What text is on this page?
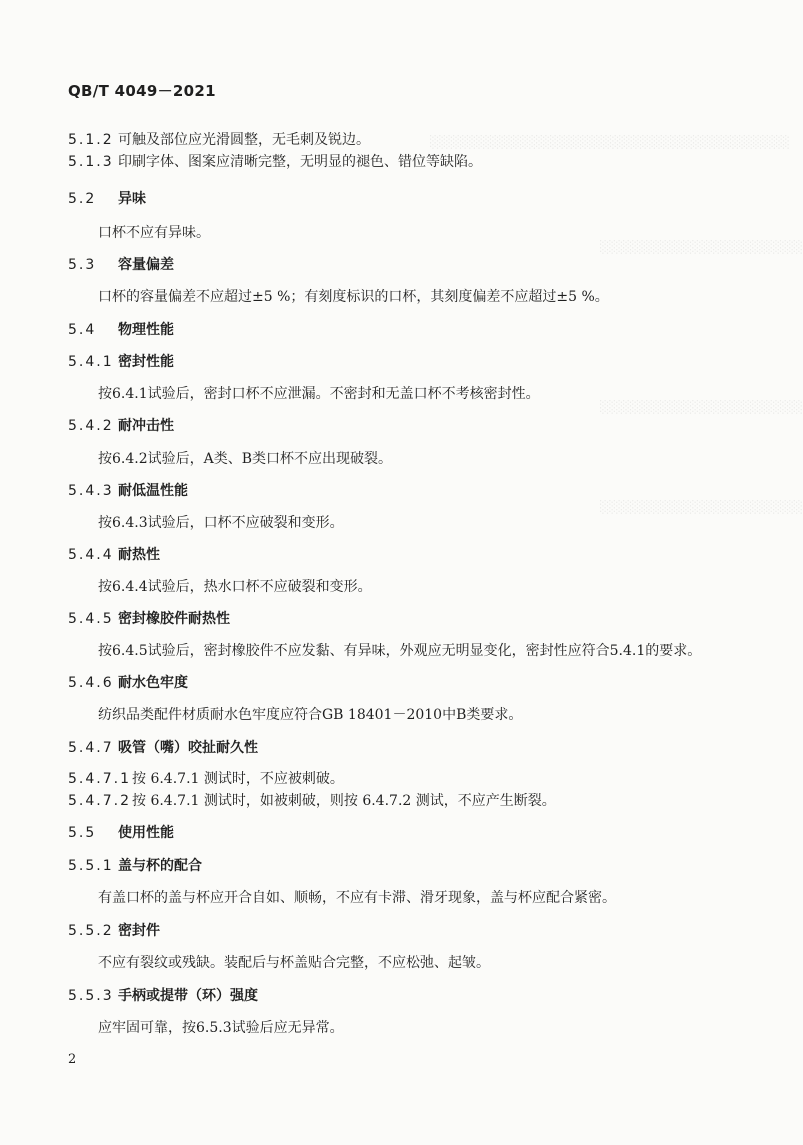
QB/T 4049－2021
░░░░░░░░░░░░░░░░░░░░░░░░░░░░░░░░░░░░░░░
░░░░░░░░░░░░░░░░░░░░░░
░░░░░░░░░░░░░░░░░░░░░░
░░░░░░░░░░░░░░░░░░░░░░
5.1.2 可触及部位应光滑圆整，无毛刺及锐边。
5.1.3 印刷字体、图案应清晰完整，无明显的褪色、错位等缺陷。
5.2 异味
口杯不应有异味。
5.3 容量偏差
口杯的容量偏差不应超过±5 %；有刻度标识的口杯，其刻度偏差不应超过±5 %。
5.4 物理性能
5.4.1 密封性能
按6.4.1试验后，密封口杯不应泄漏。不密封和无盖口杯不考核密封性。
5.4.2 耐冲击性
按6.4.2试验后，A类、B类口杯不应出现破裂。
5.4.3 耐低温性能
按6.4.3试验后，口杯不应破裂和变形。
5.4.4 耐热性
按6.4.4试验后，热水口杯不应破裂和变形。
5.4.5 密封橡胶件耐热性
按6.4.5试验后，密封橡胶件不应发黏、有异味，外观应无明显变化，密封性应符合5.4.1的要求。
5.4.6 耐水色牢度
纺织品类配件材质耐水色牢度应符合GB 18401－2010中B类要求。
5.4.7 吸管（嘴）咬扯耐久性
5.4.7.1按 6.4.7.1 测试时，不应被刺破。
5.4.7.2按 6.4.7.1 测试时，如被刺破，则按 6.4.7.2 测试，不应产生断裂。
5.5 使用性能
5.5.1 盖与杯的配合
有盖口杯的盖与杯应开合自如、顺畅，不应有卡滞、滑牙现象，盖与杯应配合紧密。
5.5.2 密封件
不应有裂纹或残缺。装配后与杯盖贴合完整，不应松弛、起皱。
5.5.3 手柄或提带（环）强度
应牢固可靠，按6.5.3试验后应无异常。
2
